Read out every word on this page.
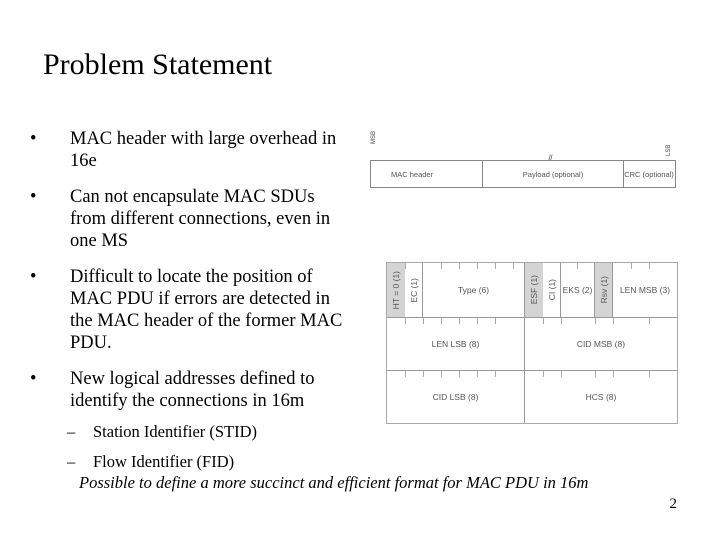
Problem Statement
•	MAC header with large overhead in 16e
•	Can not encapsulate MAC SDUs from different connections, even in one MS
•	Difficult to locate the position of MAC PDU if errors are detected in the MAC header of the former MAC PDU.
•	New logical addresses defined to identify the connections in 16m
– Station Identifier (STID)
– Flow Identifier (FID)
MSB
LSB
MAC header	Payload (optional)	CRC (optional)
HT = 0 (1) EC (1)	Type (6)	ESF (1) CI (1) EKS (2) Rsv (1)	LEN MSB (3)
LEN LSB (8)	CID MSB (8)
CID LSB (8)	HCS (8)
Possible to define a more succinct and efficient format for MAC PDU in 16m
2
